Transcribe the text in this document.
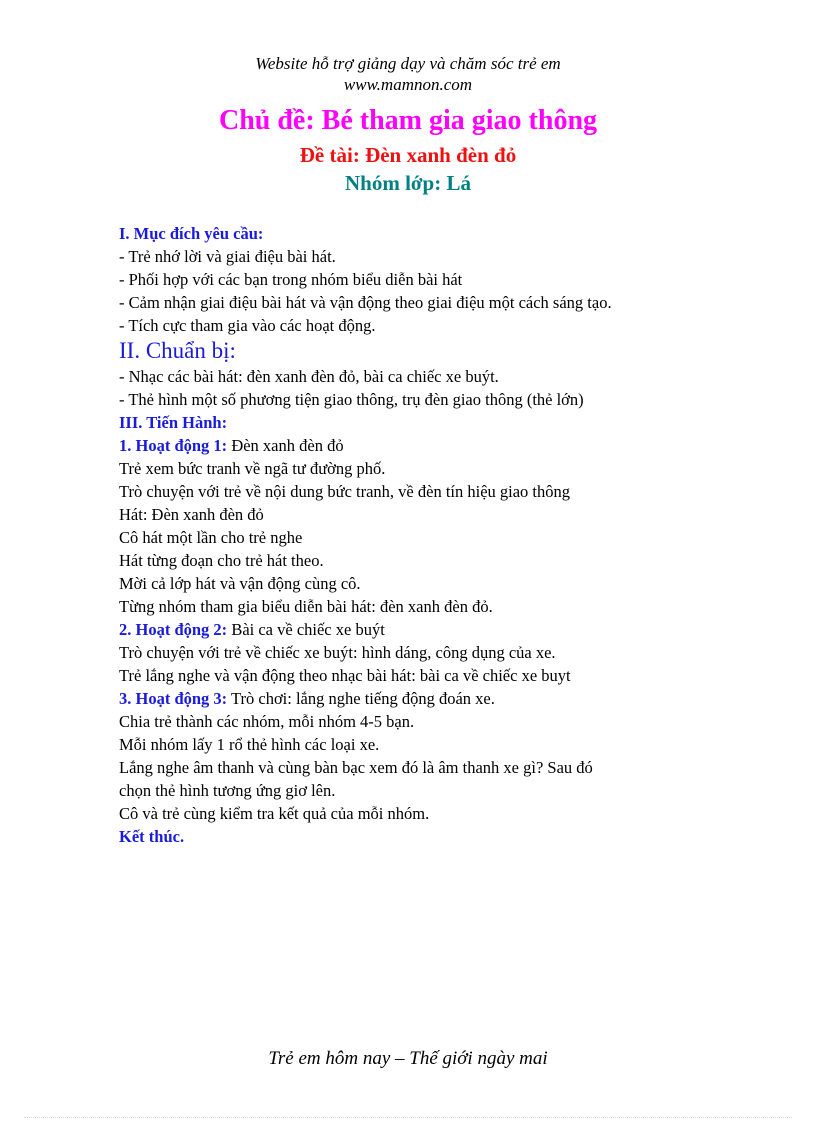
Website hỗ trợ giảng dạy và chăm sóc trẻ em
www.mamnon.com
Chủ đề: Bé tham gia giao thông
Đề tài: Đèn xanh đèn đỏ
Nhóm lớp: Lá
I. Mục đích yêu cầu:
- Trẻ nhớ lời và giai điệu bài hát.
- Phối hợp với các bạn trong nhóm biểu diễn bài hát
- Cảm nhận giai điệu bài hát và vận động theo giai điệu một cách sáng tạo.
- Tích cực tham gia vào các hoạt động.
II. Chuẩn bị:
- Nhạc các bài hát: đèn xanh đèn đỏ, bài ca chiếc xe buýt.
- Thẻ hình một số phương tiện giao thông, trụ đèn giao thông (thẻ lớn)
III. Tiến Hành:
1. Hoạt động 1: Đèn xanh đèn đỏ
Trẻ xem bức tranh về ngã tư đường phố.
Trò chuyện với trẻ về nội dung bức tranh, về đèn tín hiệu giao thông
Hát: Đèn xanh đèn đỏ
Cô hát một lần cho trẻ nghe
Hát từng đoạn cho trẻ hát theo.
Mời cả lớp hát và vận động cùng cô.
Từng nhóm tham gia biểu diễn bài hát: đèn xanh đèn đỏ.
2. Hoạt động 2: Bài ca về chiếc xe buýt
Trò chuyện với trẻ về chiếc xe buýt: hình dáng, công dụng của xe.
Trẻ lắng nghe và vận động theo nhạc bài hát: bài ca về chiếc xe buyt
3. Hoạt động 3: Trò chơi: lắng nghe tiếng động đoán xe.
Chia trẻ thành các nhóm, mỗi nhóm 4-5 bạn.
Mỗi nhóm lấy 1 rổ thẻ hình các loại xe.
Lắng nghe âm thanh và cùng bàn bạc xem đó là âm thanh xe gì? Sau đó
chọn thẻ hình tương ứng giơ lên.
Cô và trẻ cùng kiểm tra kết quả của mỗi nhóm.
Kết thúc.
Trẻ em hôm nay – Thế giới ngày mai
